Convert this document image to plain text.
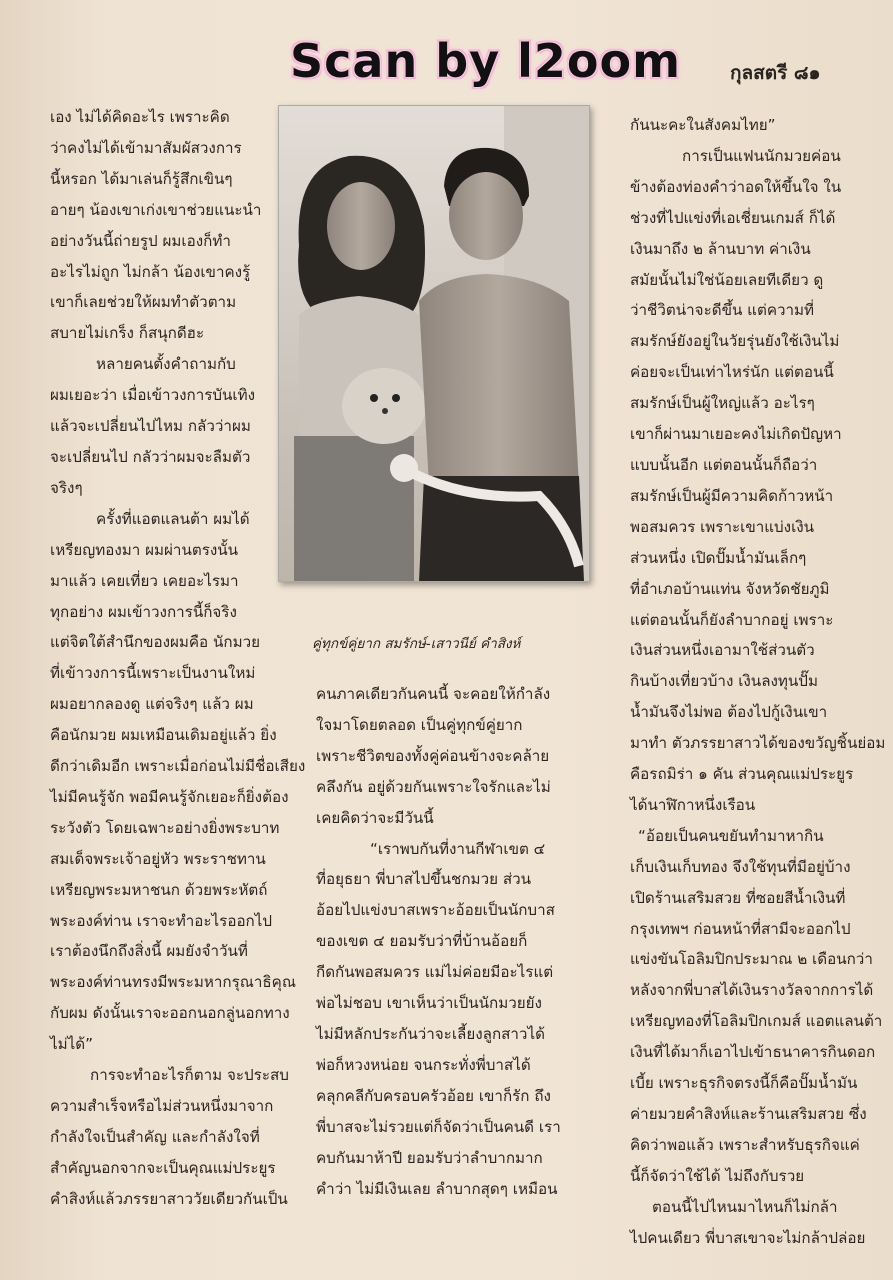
Scan by l2oom	กุลสตรี ๘๑

เอง ไม่ได้คิดอะไร เพราะคิด

ว่าคงไม่ได้เข้ามาสัมผัสวงการ

นี้หรอก ได้มาเล่นก็รู้สึกเขินๆ

อายๆ น้องเขาเก่งเขาช่วยแนะนำ

อย่างวันนี้ถ่ายรูป ผมเองก็ทำ

อะไรไม่ถูก ไม่กล้า น้องเขาคงรู้

เขาก็เลยช่วยให้ผมทำตัวตาม

สบายไม่เกร็ง ก็สนุกดีฮะ

หลายคนตั้งคำถามกับ

ผมเยอะว่า เมื่อเข้าวงการบันเทิง

แล้วจะเปลี่ยนไปไหม กลัวว่าผม

จะเปลี่ยนไป กลัวว่าผมจะลืมตัว

จริงๆ

ครั้งที่แอตแลนต้า ผมได้

เหรียญทองมา ผมผ่านตรงนั้น

มาแล้ว เคยเที่ยว เคยอะไรมา

ทุกอย่าง ผมเข้าวงการนี้ก็จริง

แต่จิตใต้สำนึกของผมคือ นักมวย

ที่เข้าวงการนี้เพราะเป็นงานใหม่

ผมอยากลองดู แต่จริงๆ แล้ว ผม

คือนักมวย ผมเหมือนเดิมอยู่แล้ว ยิ่ง

ดีกว่าเดิมอีก เพราะเมื่อก่อนไม่มีชื่อเสียง

ไม่มีคนรู้จัก พอมีคนรู้จักเยอะก็ยิ่งต้อง

ระวังตัว โดยเฉพาะอย่างยิ่งพระบาท

สมเด็จพระเจ้าอยู่หัว พระราชทาน

เหรียญพระมหาชนก ด้วยพระหัตถ์

พระองค์ท่าน เราจะทำอะไรออกไป

เราต้องนึกถึงสิ่งนี้ ผมยังจำวันที่

พระองค์ท่านทรงมีพระมหากรุณาธิคุณ

กับผม ดังนั้นเราจะออกนอกลู่นอกทาง

ไม่ได้”

การจะทำอะไรก็ตาม จะประสบ

ความสำเร็จหรือไม่ส่วนหนึ่งมาจาก

กำลังใจเป็นสำคัญ และกำลังใจที่

สำคัญนอกจากจะเป็นคุณแม่ประยูร

คำสิงห์แล้วภรรยาสาววัยเดียวกันเป็น

คู่ทุกข์คู่ยาก สมรักษ์-เสาวนีย์ คำสิงห์

คนภาคเดียวกันคนนี้ จะคอยให้กำลัง

ใจมาโดยตลอด เป็นคู่ทุกข์คู่ยาก

เพราะชีวิตของทั้งคู่ค่อนข้างจะคล้าย

คลึงกัน อยู่ด้วยกันเพราะใจรักและไม่

เคยคิดว่าจะมีวันนี้

“เราพบกันที่งานกีฬาเขต ๔

ที่อยุธยา พี่บาสไปขึ้นชกมวย ส่วน

อ้อยไปแข่งบาสเพราะอ้อยเป็นนักบาส

ของเขต ๔ ยอมรับว่าที่บ้านอ้อยก็

กีดกันพอสมควร แม่ไม่ค่อยมีอะไรแต่

พ่อไม่ชอบ เขาเห็นว่าเป็นนักมวยยัง

ไม่มีหลักประกันว่าจะเลี้ยงลูกสาวได้

พ่อก็หวงหน่อย จนกระทั่งพี่บาสได้

คลุกคลีกับครอบครัวอ้อย เขาก็รัก ถึง

พี่บาสจะไม่รวยแต่ก็จัดว่าเป็นคนดี เรา

คบกันมาห้าปี ยอมรับว่าลำบากมาก

คำว่า ไม่มีเงินเลย ลำบากสุดๆ เหมือน

กันนะคะในสังคมไทย”

การเป็นแฟนนักมวยค่อน

ข้างต้องท่องคำว่าอดให้ขึ้นใจ ใน

ช่วงที่ไปแข่งที่เอเชี่ยนเกมส์ ก็ได้

เงินมาถึง ๒ ล้านบาท ค่าเงิน

สมัยนั้นไม่ใช่น้อยเลยทีเดียว ดู

ว่าชีวิตน่าจะดีขึ้น แต่ความที่

สมรักษ์ยังอยู่ในวัยรุ่นยังใช้เงินไม่

ค่อยจะเป็นเท่าไหร่นัก แต่ตอนนี้

สมรักษ์เป็นผู้ใหญ่แล้ว อะไรๆ

เขาก็ผ่านมาเยอะคงไม่เกิดปัญหา

แบบนั้นอีก แต่ตอนนั้นก็ถือว่า

สมรักษ์เป็นผู้มีความคิดก้าวหน้า

พอสมควร เพราะเขาแบ่งเงิน

ส่วนหนึ่ง เปิดปั๊มน้ำมันเล็กๆ

ที่อำเภอบ้านแท่น จังหวัดชัยภูมิ

แต่ตอนนั้นก็ยังลำบากอยู่ เพราะ

เงินส่วนหนึ่งเอามาใช้ส่วนตัว

กินบ้างเที่ยวบ้าง เงินลงทุนปั๊ม

น้ำมันจึงไม่พอ ต้องไปกู้เงินเขา

มาทำ ตัวภรรยาสาวได้ของขวัญชิ้นย่อม

คือรถมิร่า ๑ คัน ส่วนคุณแม่ประยูร

ได้นาฬิกาหนึ่งเรือน

“อ้อยเป็นคนขยันทำมาหากิน

เก็บเงินเก็บทอง จึงใช้ทุนที่มีอยู่บ้าง

เปิดร้านเสริมสวย ที่ซอยสีน้ำเงินที่

กรุงเทพฯ ก่อนหน้าที่สามีจะออกไป

แข่งขันโอลิมปิกประมาณ ๒ เดือนกว่า

หลังจากพี่บาสได้เงินรางวัลจากการได้

เหรียญทองที่โอลิมปิกเกมส์ แอตแลนต้า

เงินที่ได้มาก็เอาไปเข้าธนาคารกินดอก

เบี้ย เพราะธุรกิจตรงนี้ก็คือปั๊มน้ำมัน

ค่ายมวยคำสิงห์และร้านเสริมสวย ซึ่ง

คิดว่าพอแล้ว เพราะสำหรับธุรกิจแค่

นี้ก็จัดว่าใช้ได้ ไม่ถึงกับรวย

ตอนนี้ไปไหนมาไหนก็ไม่กล้า

ไปคนเดียว พี่บาสเขาจะไม่กล้าปล่อย
